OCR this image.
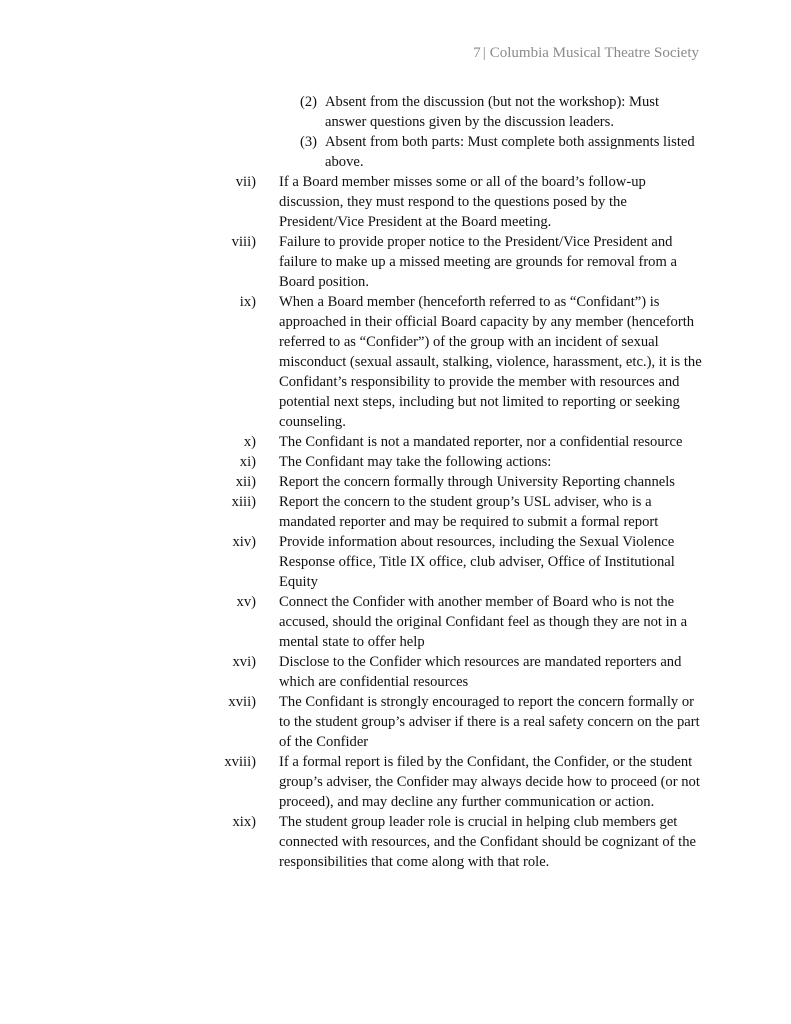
7 | Columbia Musical Theatre Society
(2) Absent from the discussion (but not the workshop): Must answer questions given by the discussion leaders.
(3) Absent from both parts: Must complete both assignments listed above.
vii) If a Board member misses some or all of the board’s follow-up discussion, they must respond to the questions posed by the President/Vice President at the Board meeting.
viii) Failure to provide proper notice to the President/Vice President and failure to make up a missed meeting are grounds for removal from a Board position.
ix) When a Board member (henceforth referred to as “Confidant”) is approached in their official Board capacity by any member (henceforth referred to as “Confider”) of the group with an incident of sexual misconduct (sexual assault, stalking, violence, harassment, etc.), it is the Confidant’s responsibility to provide the member with resources and potential next steps, including but not limited to reporting or seeking counseling.
x) The Confidant is not a mandated reporter, nor a confidential resource
xi) The Confidant may take the following actions:
xii) Report the concern formally through University Reporting channels
xiii) Report the concern to the student group’s USL adviser, who is a mandated reporter and may be required to submit a formal report
xiv) Provide information about resources, including the Sexual Violence Response office, Title IX office, club adviser, Office of Institutional Equity
xv) Connect the Confider with another member of Board who is not the accused, should the original Confidant feel as though they are not in a mental state to offer help
xvi) Disclose to the Confider which resources are mandated reporters and which are confidential resources
xvii) The Confidant is strongly encouraged to report the concern formally or to the student group’s adviser if there is a real safety concern on the part of the Confider
xviii) If a formal report is filed by the Confidant, the Confider, or the student group’s adviser, the Confider may always decide how to proceed (or not proceed), and may decline any further communication or action.
xix) The student group leader role is crucial in helping club members get connected with resources, and the Confidant should be cognizant of the responsibilities that come along with that role.
